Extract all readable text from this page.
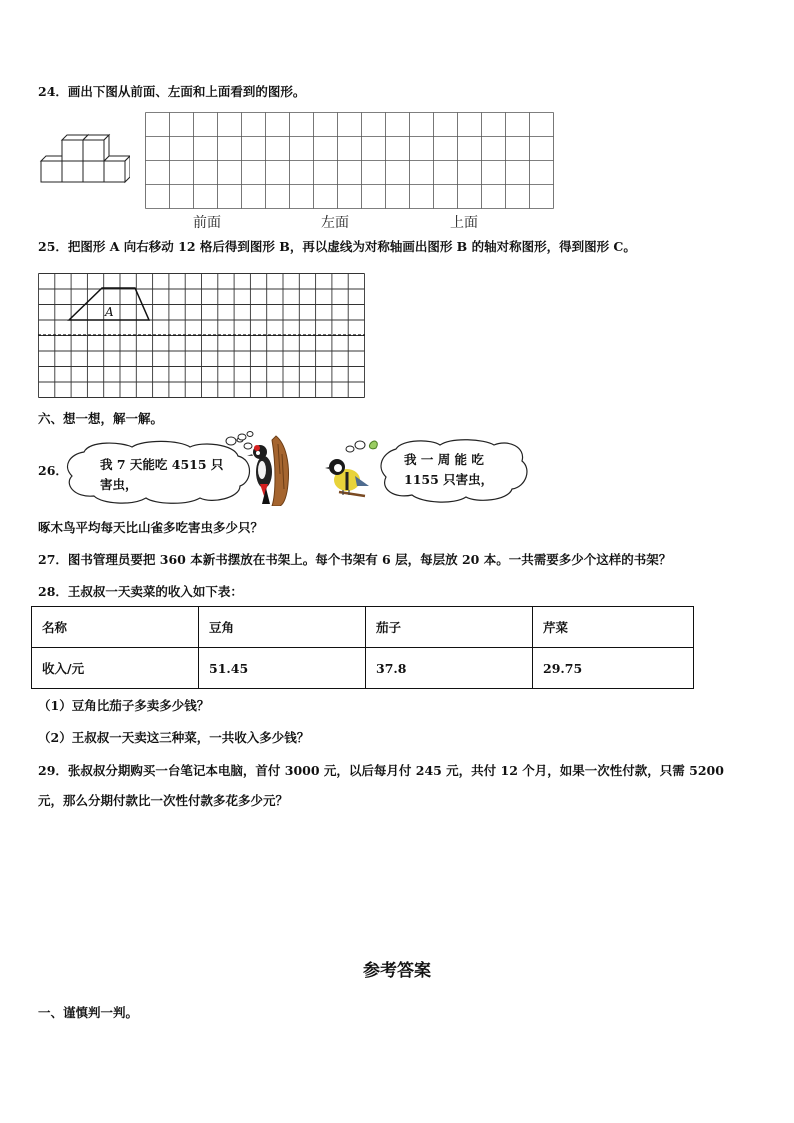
24．画出下图从前面、左面和上面看到的图形。
前面	左面	上面
25．把图形 A 向右移动 12 格后得到图形 B，再以虚线为对称轴画出图形 B 的轴对称图形，得到图形 C。
A
六、想一想，解一解。
26．	我 7 天能吃 4515 只
害虫，
我 一 周 能 吃
1155 只害虫，
啄木鸟平均每天比山雀多吃害虫多少只？
27．图书管理员要把 360 本新书摆放在书架上。每个书架有 6 层，每层放 20 本。一共需要多少个这样的书架？
28．王叔叔一天卖菜的收入如下表：
名称	豆角	茄子	芹菜
收入/元	51.45	37.8	29.75
（1）豆角比茄子多卖多少钱？
（2）王叔叔一天卖这三种菜，一共收入多少钱？
29．张叔叔分期购买一台笔记本电脑，首付 3000 元，以后每月付 245 元，共付 12 个月，如果一次性付款，只需 5200
元，那么分期付款比一次性付款多花多少元？
参考答案
一、谨慎判一判。
